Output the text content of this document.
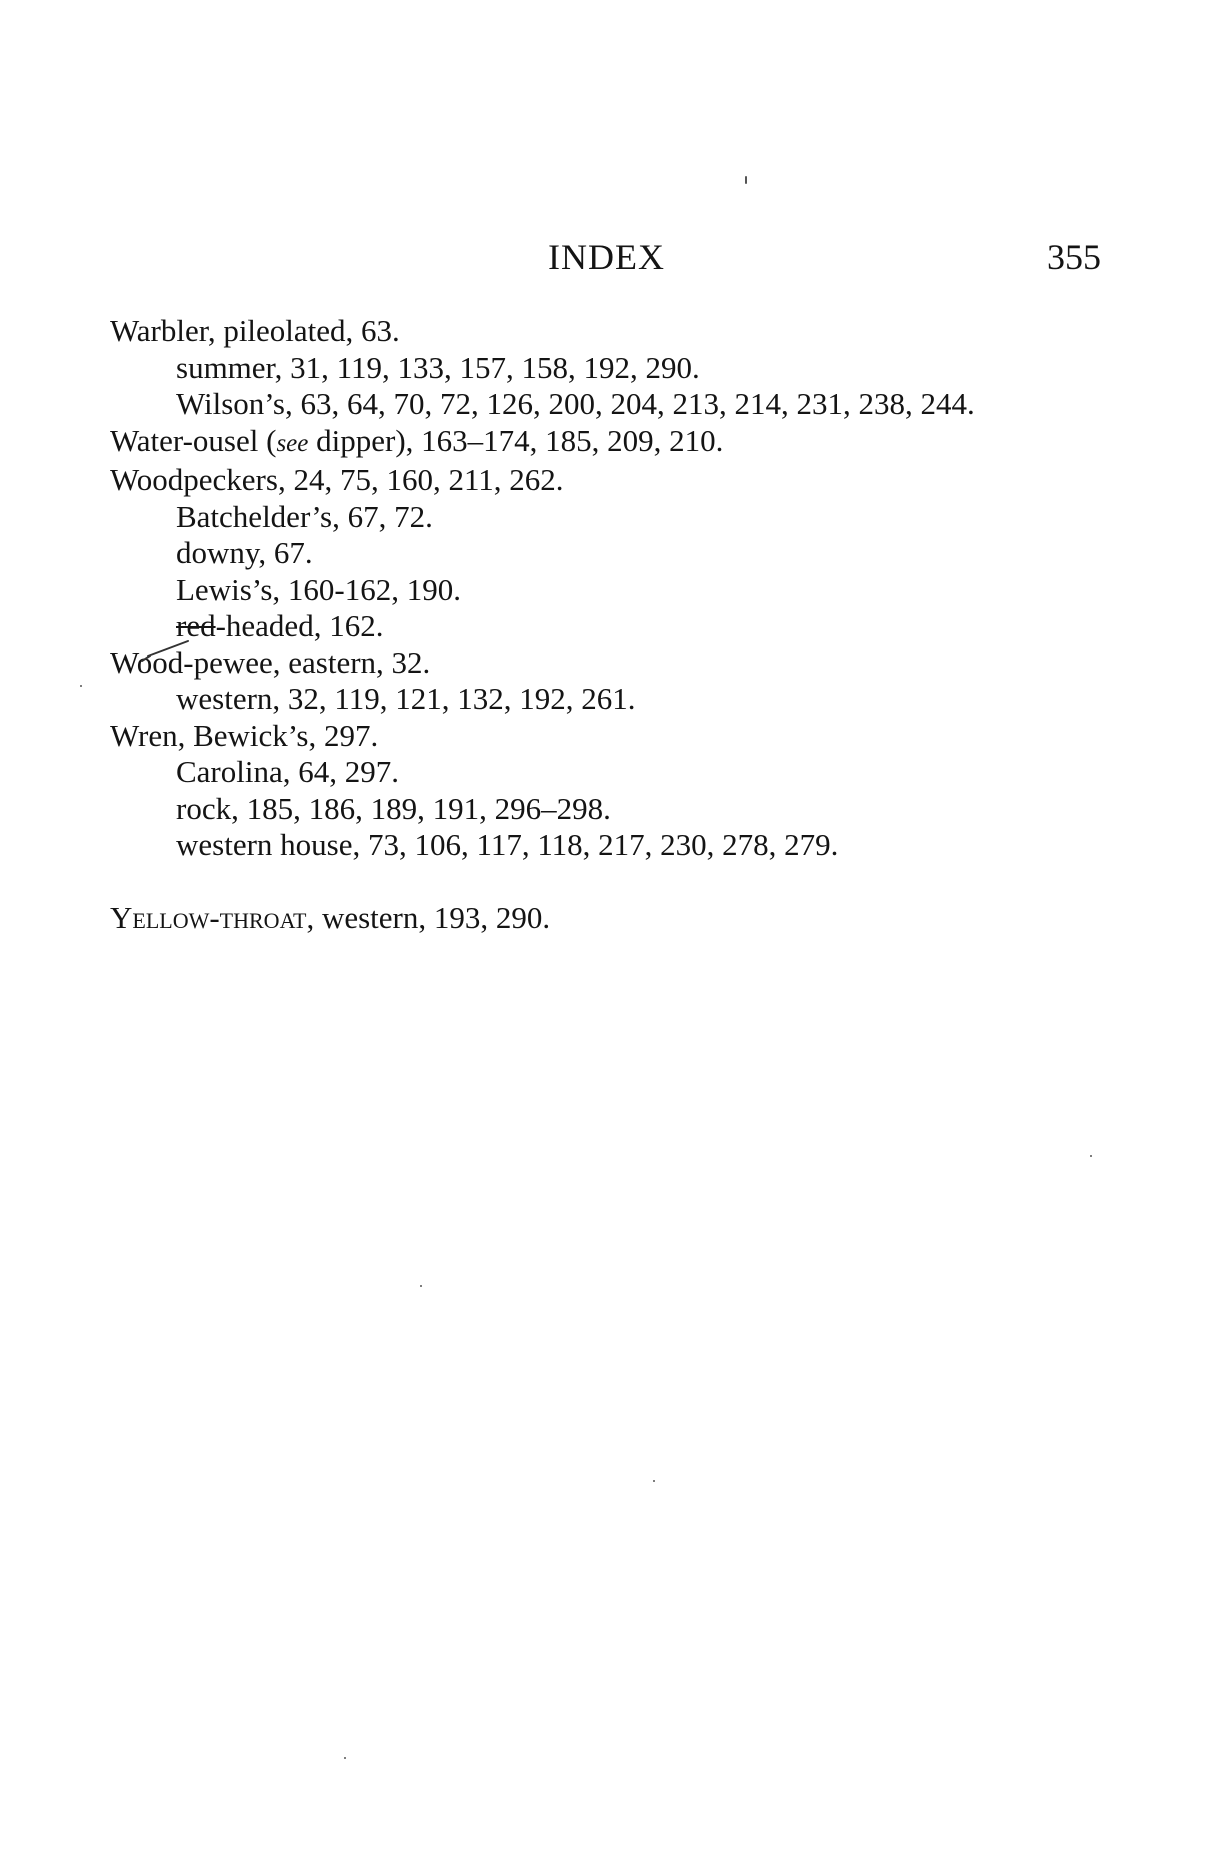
INDEX	355
Warbler, pileolated, 63.
summer, 31, 119, 133, 157, 158, 192, 290.
Wilson’s, 63, 64, 70, 72, 126, 200, 204, 213, 214, 231, 238, 244.
Water-ousel (see dipper), 163–174, 185, 209, 210.
Woodpeckers, 24, 75, 160, 211, 262.
Batchelder’s, 67, 72.
downy, 67.
Lewis’s, 160-162, 190.
red-headed, 162.
Wood-pewee, eastern, 32.
western, 32, 119, 121, 132, 192, 261.
Wren, Bewick’s, 297.
Carolina, 64, 297.
rock, 185, 186, 189, 191, 296–298.
western house, 73, 106, 117, 118, 217, 230, 278, 279.
Yellow-throat, western, 193, 290.
